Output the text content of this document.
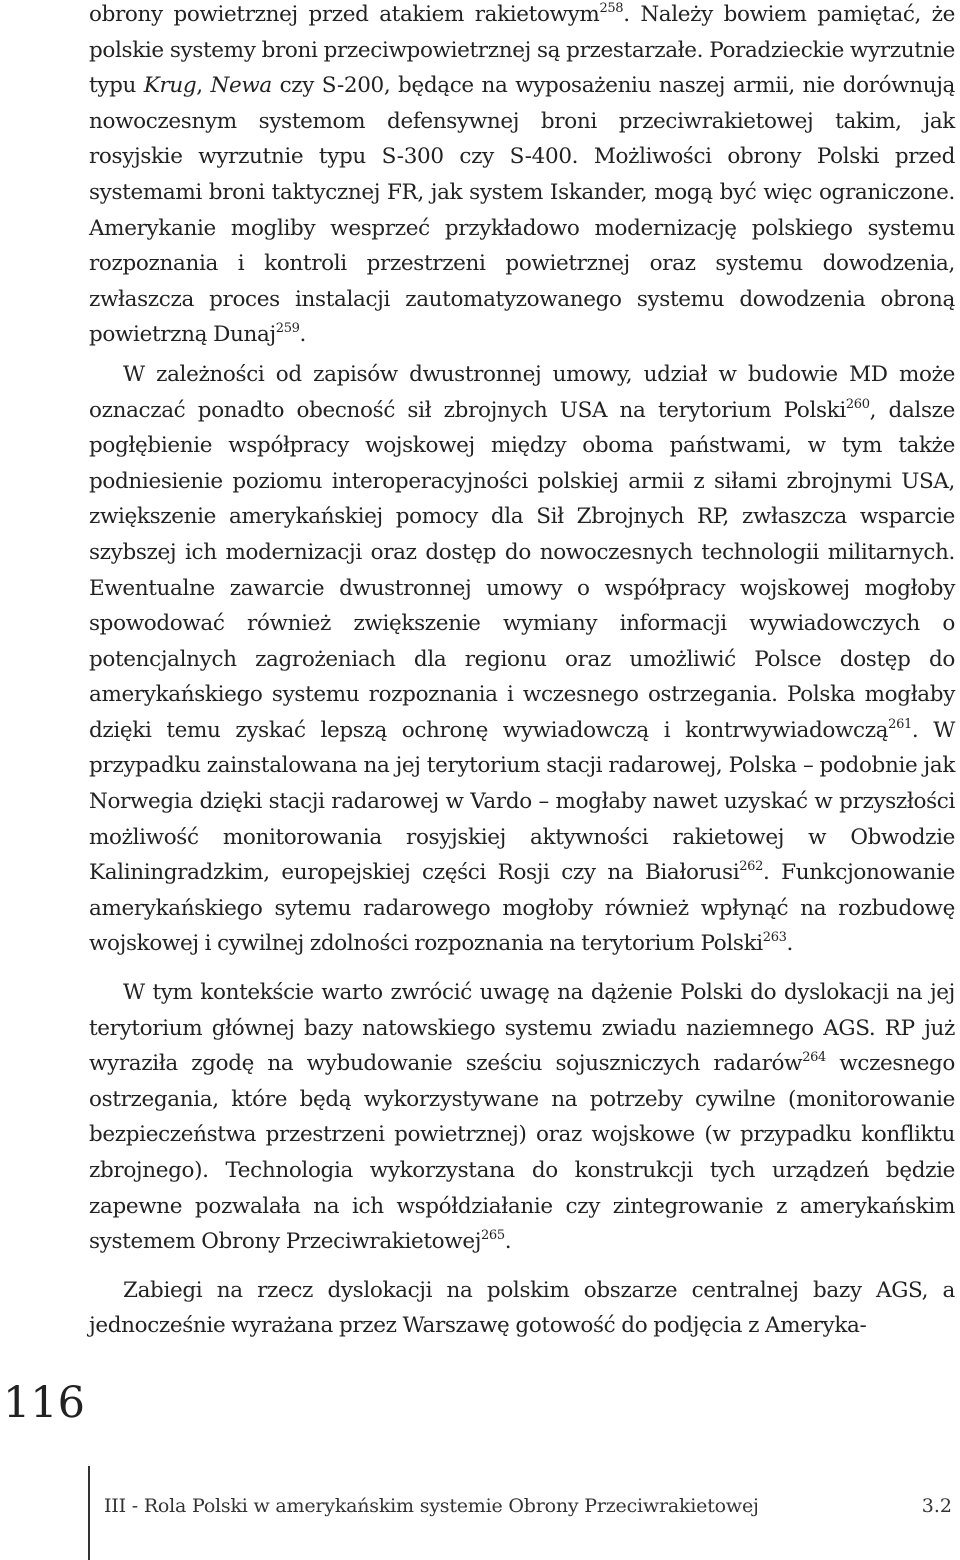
obrony powietrznej przed atakiem rakietowym$^{258}$. Należy bowiem pamiętać, że polskie systemy broni przeciwpowietrznej są przestarzałe. Poradzieckie wyrzutnie typu Krug, Newa czy S-200, będące na wyposażeniu naszej armii, nie dorównują nowoczesnym systemom defensywnej broni przeciwrakietowej takim, jak rosyjskie wyrzutnie typu S-300 czy S-400. Możliwości obrony Polski przed systemami broni taktycznej FR, jak system Iskander, mogą być więc ograniczone. Amerykanie mogliby wesprzeć przykładowo modernizację polskiego systemu rozpoznania i kontroli przestrzeni powietrznej oraz systemu dowodzenia, zwłaszcza proces instalacji zautomatyzowanego systemu dowodzenia obroną powietrzną Dunaj$^{259}$.

W zależności od zapisów dwustronnej umowy, udział w budowie MD może oznaczać ponadto obecność sił zbrojnych USA na terytorium Polski$^{260}$, dalsze pogłębienie współpracy wojskowej między oboma państwami, w tym także podniesienie poziomu interoperacyjności polskiej armii z siłami zbrojnymi USA, zwiększenie amerykańskiej pomocy dla Sił Zbrojnych RP, zwłaszcza wsparcie szybszej ich modernizacji oraz dostęp do nowoczesnych technologii militarnych. Ewentualne zawarcie dwustronnej umowy o współpracy wojskowej mogłoby spowodować również zwiększenie wymiany informacji wywiadowczych o potencjalnych zagrożeniach dla regionu oraz umożliwić Polsce dostęp do amerykańskiego systemu rozpoznania i wczesnego ostrzegania. Polska mogłaby dzięki temu zyskać lepszą ochronę wywiadowczą i kontrwywiadowczą$^{261}$. W przypadku zainstalowana na jej terytorium stacji radarowej, Polska – podobnie jak Norwegia dzięki stacji radarowej w Vardo – mogłaby nawet uzyskać w przyszłości możliwość monitorowania rosyjskiej aktywności rakietowej w Obwodzie Kaliningradzkim, europejskiej części Rosji czy na Białorusi$^{262}$. Funkcjonowanie amerykańskiego sytemu radarowego mogłoby również wpłynąć na rozbudowę wojskowej i cywilnej zdolności rozpoznania na terytorium Polski$^{263}$.

W tym kontekście warto zwrócić uwagę na dążenie Polski do dyslokacji na jej terytorium głównej bazy natowskiego systemu zwiadu naziemnego AGS. RP już wyraziła zgodę na wybudowanie sześciu sojuszniczych radarów$^{264}$ wczesnego ostrzegania, które będą wykorzystywane na potrzeby cywilne (monitorowanie bezpieczeństwa przestrzeni powietrznej) oraz wojskowe (w przypadku konfliktu zbrojnego). Technologia wykorzystana do konstrukcji tych urządzeń będzie zapewne pozwalała na ich współdziałanie czy zintegrowanie z amerykańskim systemem Obrony Przeciwrakietowej$^{265}$.

Zabiegi na rzecz dyslokacji na polskim obszarze centralnej bazy AGS, a jednocześnie wyrażana przez Warszawę gotowość do podjęcia z Ameryka-

116
III - Rola Polski w amerykańskim systemie Obrony Przeciwrakietowej	3.2
